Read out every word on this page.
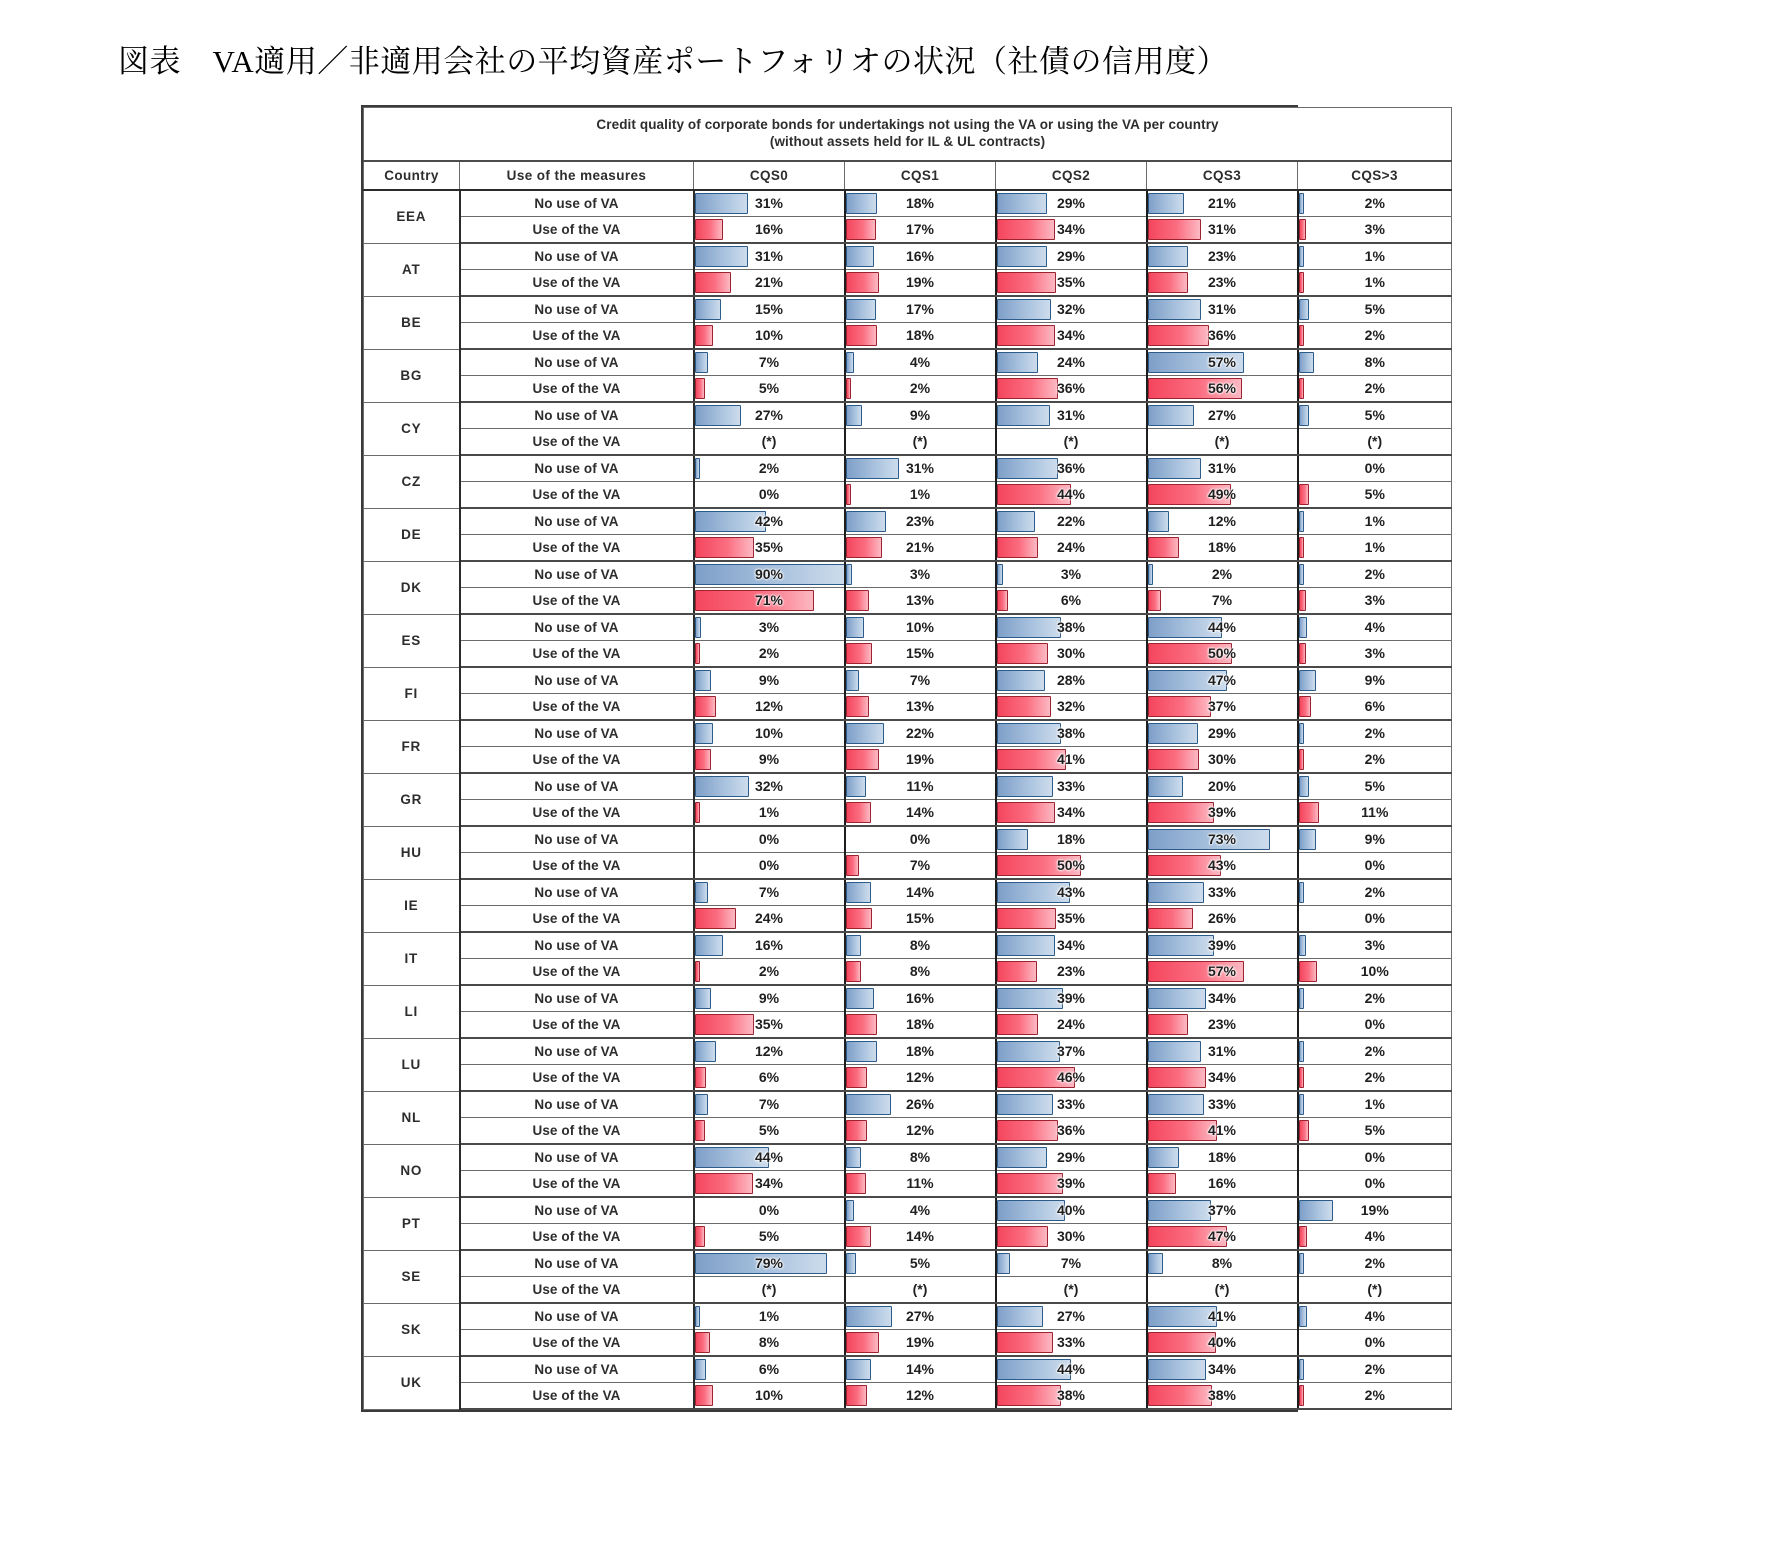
図表　VA適用／非適用会社の平均資産ポートフォリオの状況（社債の信用度）
Credit quality of corporate bonds for undertakings not using the VA or using the VA per country
(without assets held for IL & UL contracts)						

Country	Use of the measures	CQS0	CQS1	CQS2	CQS3	CQS>3
EEA	No use of VA	31%	18%	29%	21%	2%

	Use of the VA	16%	17%	34%	31%	3%

AT	No use of VA	31%	16%	29%	23%	1%

	Use of the VA	21%	19%	35%	23%	1%

BE	No use of VA	15%	17%	32%	31%	5%

	Use of the VA	10%	18%	34%	36%	2%

BG	No use of VA	7%	4%	24%	57%	8%

	Use of the VA	5%	2%	36%	56%	2%

CY	No use of VA	27%	9%	31%	27%	5%

	Use of the VA	(*)	(*)	(*)	(*)	(*)

CZ	No use of VA	2%	31%	36%	31%	0%

	Use of the VA	0%	1%	44%	49%	5%

DE	No use of VA	42%	23%	22%	12%	1%

	Use of the VA	35%	21%	24%	18%	1%

DK	No use of VA	90%	3%	3%	2%	2%

	Use of the VA	71%	13%	6%	7%	3%

ES	No use of VA	3%	10%	38%	44%	4%

	Use of the VA	2%	15%	30%	50%	3%

FI	No use of VA	9%	7%	28%	47%	9%

	Use of the VA	12%	13%	32%	37%	6%

FR	No use of VA	10%	22%	38%	29%	2%

	Use of the VA	9%	19%	41%	30%	2%

GR	No use of VA	32%	11%	33%	20%	5%

	Use of the VA	1%	14%	34%	39%	11%

HU	No use of VA	0%	0%	18%	73%	9%

	Use of the VA	0%	7%	50%	43%	0%

IE	No use of VA	7%	14%	43%	33%	2%

	Use of the VA	24%	15%	35%	26%	0%

IT	No use of VA	16%	8%	34%	39%	3%

	Use of the VA	2%	8%	23%	57%	10%

LI	No use of VA	9%	16%	39%	34%	2%

	Use of the VA	35%	18%	24%	23%	0%

LU	No use of VA	12%	18%	37%	31%	2%

	Use of the VA	6%	12%	46%	34%	2%

NL	No use of VA	7%	26%	33%	33%	1%

	Use of the VA	5%	12%	36%	41%	5%

NO	No use of VA	44%	8%	29%	18%	0%

	Use of the VA	34%	11%	39%	16%	0%

PT	No use of VA	0%	4%	40%	37%	19%

	Use of the VA	5%	14%	30%	47%	4%

SE	No use of VA	79%	5%	7%	8%	2%

	Use of the VA	(*)	(*)	(*)	(*)	(*)

SK	No use of VA	1%	27%	27%	41%	4%

	Use of the VA	8%	19%	33%	40%	0%

UK	No use of VA	6%	14%	44%	34%	2%

	Use of the VA	10%	12%	38%	38%	2%
